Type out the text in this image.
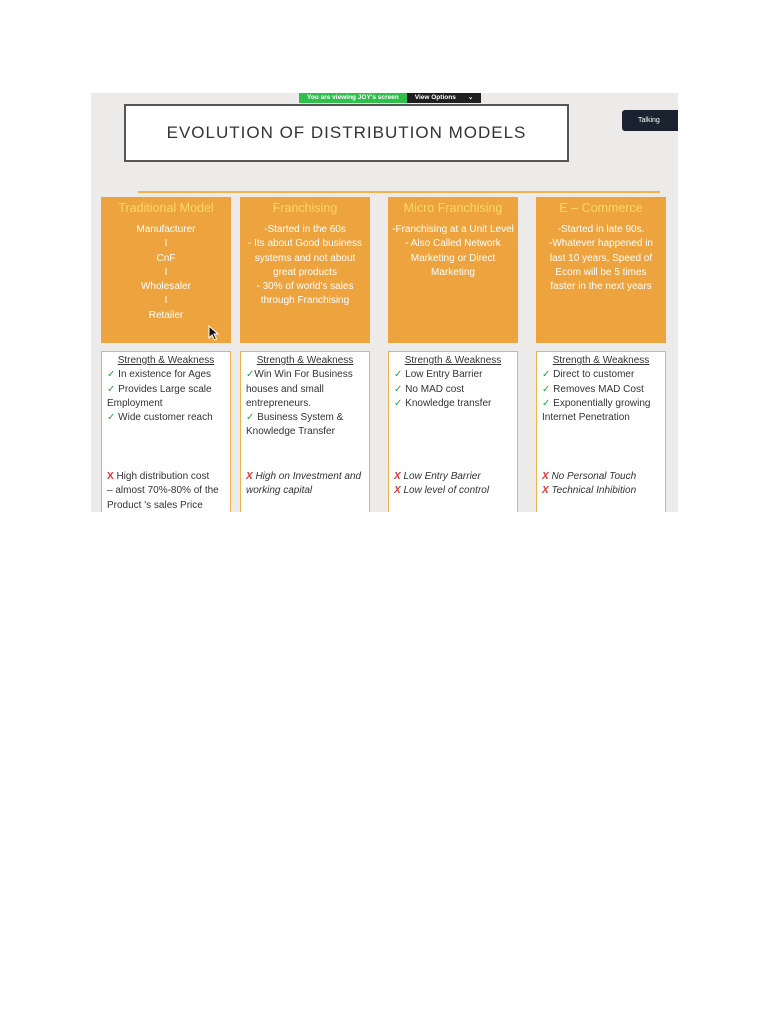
You are viewing JOY's screen	View Options ⌄
Talking
EVOLUTION OF DISTRIBUTION MODELS
Traditional Model
Manufacturer
I
CnF
I
Wholesaler
I
Retailer
Strength & Weakness
✓ In existence for Ages
✓ Provides Large scale
Employment
✓ Wide customer reach
X High distribution cost
– almost 70%-80% of the
Product 's sales Price
Franchising
-Started in the 60s
- Its about Good business
systems and not about
great products
- 30% of world's sales
through Franchising
Strength & Weakness
✓Win Win For Business
houses and small
entrepreneurs.
✓ Business System &
Knowledge Transfer
X High on Investment and
working capital
Micro Franchising
-Franchising at a Unit Level
- Also Called Network
Marketing or Direct
Marketing
Strength & Weakness
✓ Low Entry Barrier
✓ No MAD cost
✓ Knowledge transfer
X Low Entry Barrier
X Low level of control
E – Commerce
-Started in late 90s.
-Whatever happened in
last 10 years, Speed of
Ecom will be 5 times
faster in the next years
Strength & Weakness
✓ Direct to customer
✓ Removes MAD Cost
✓ Exponentially growing
Internet Penetration
X No Personal Touch
X Technical Inhibition
